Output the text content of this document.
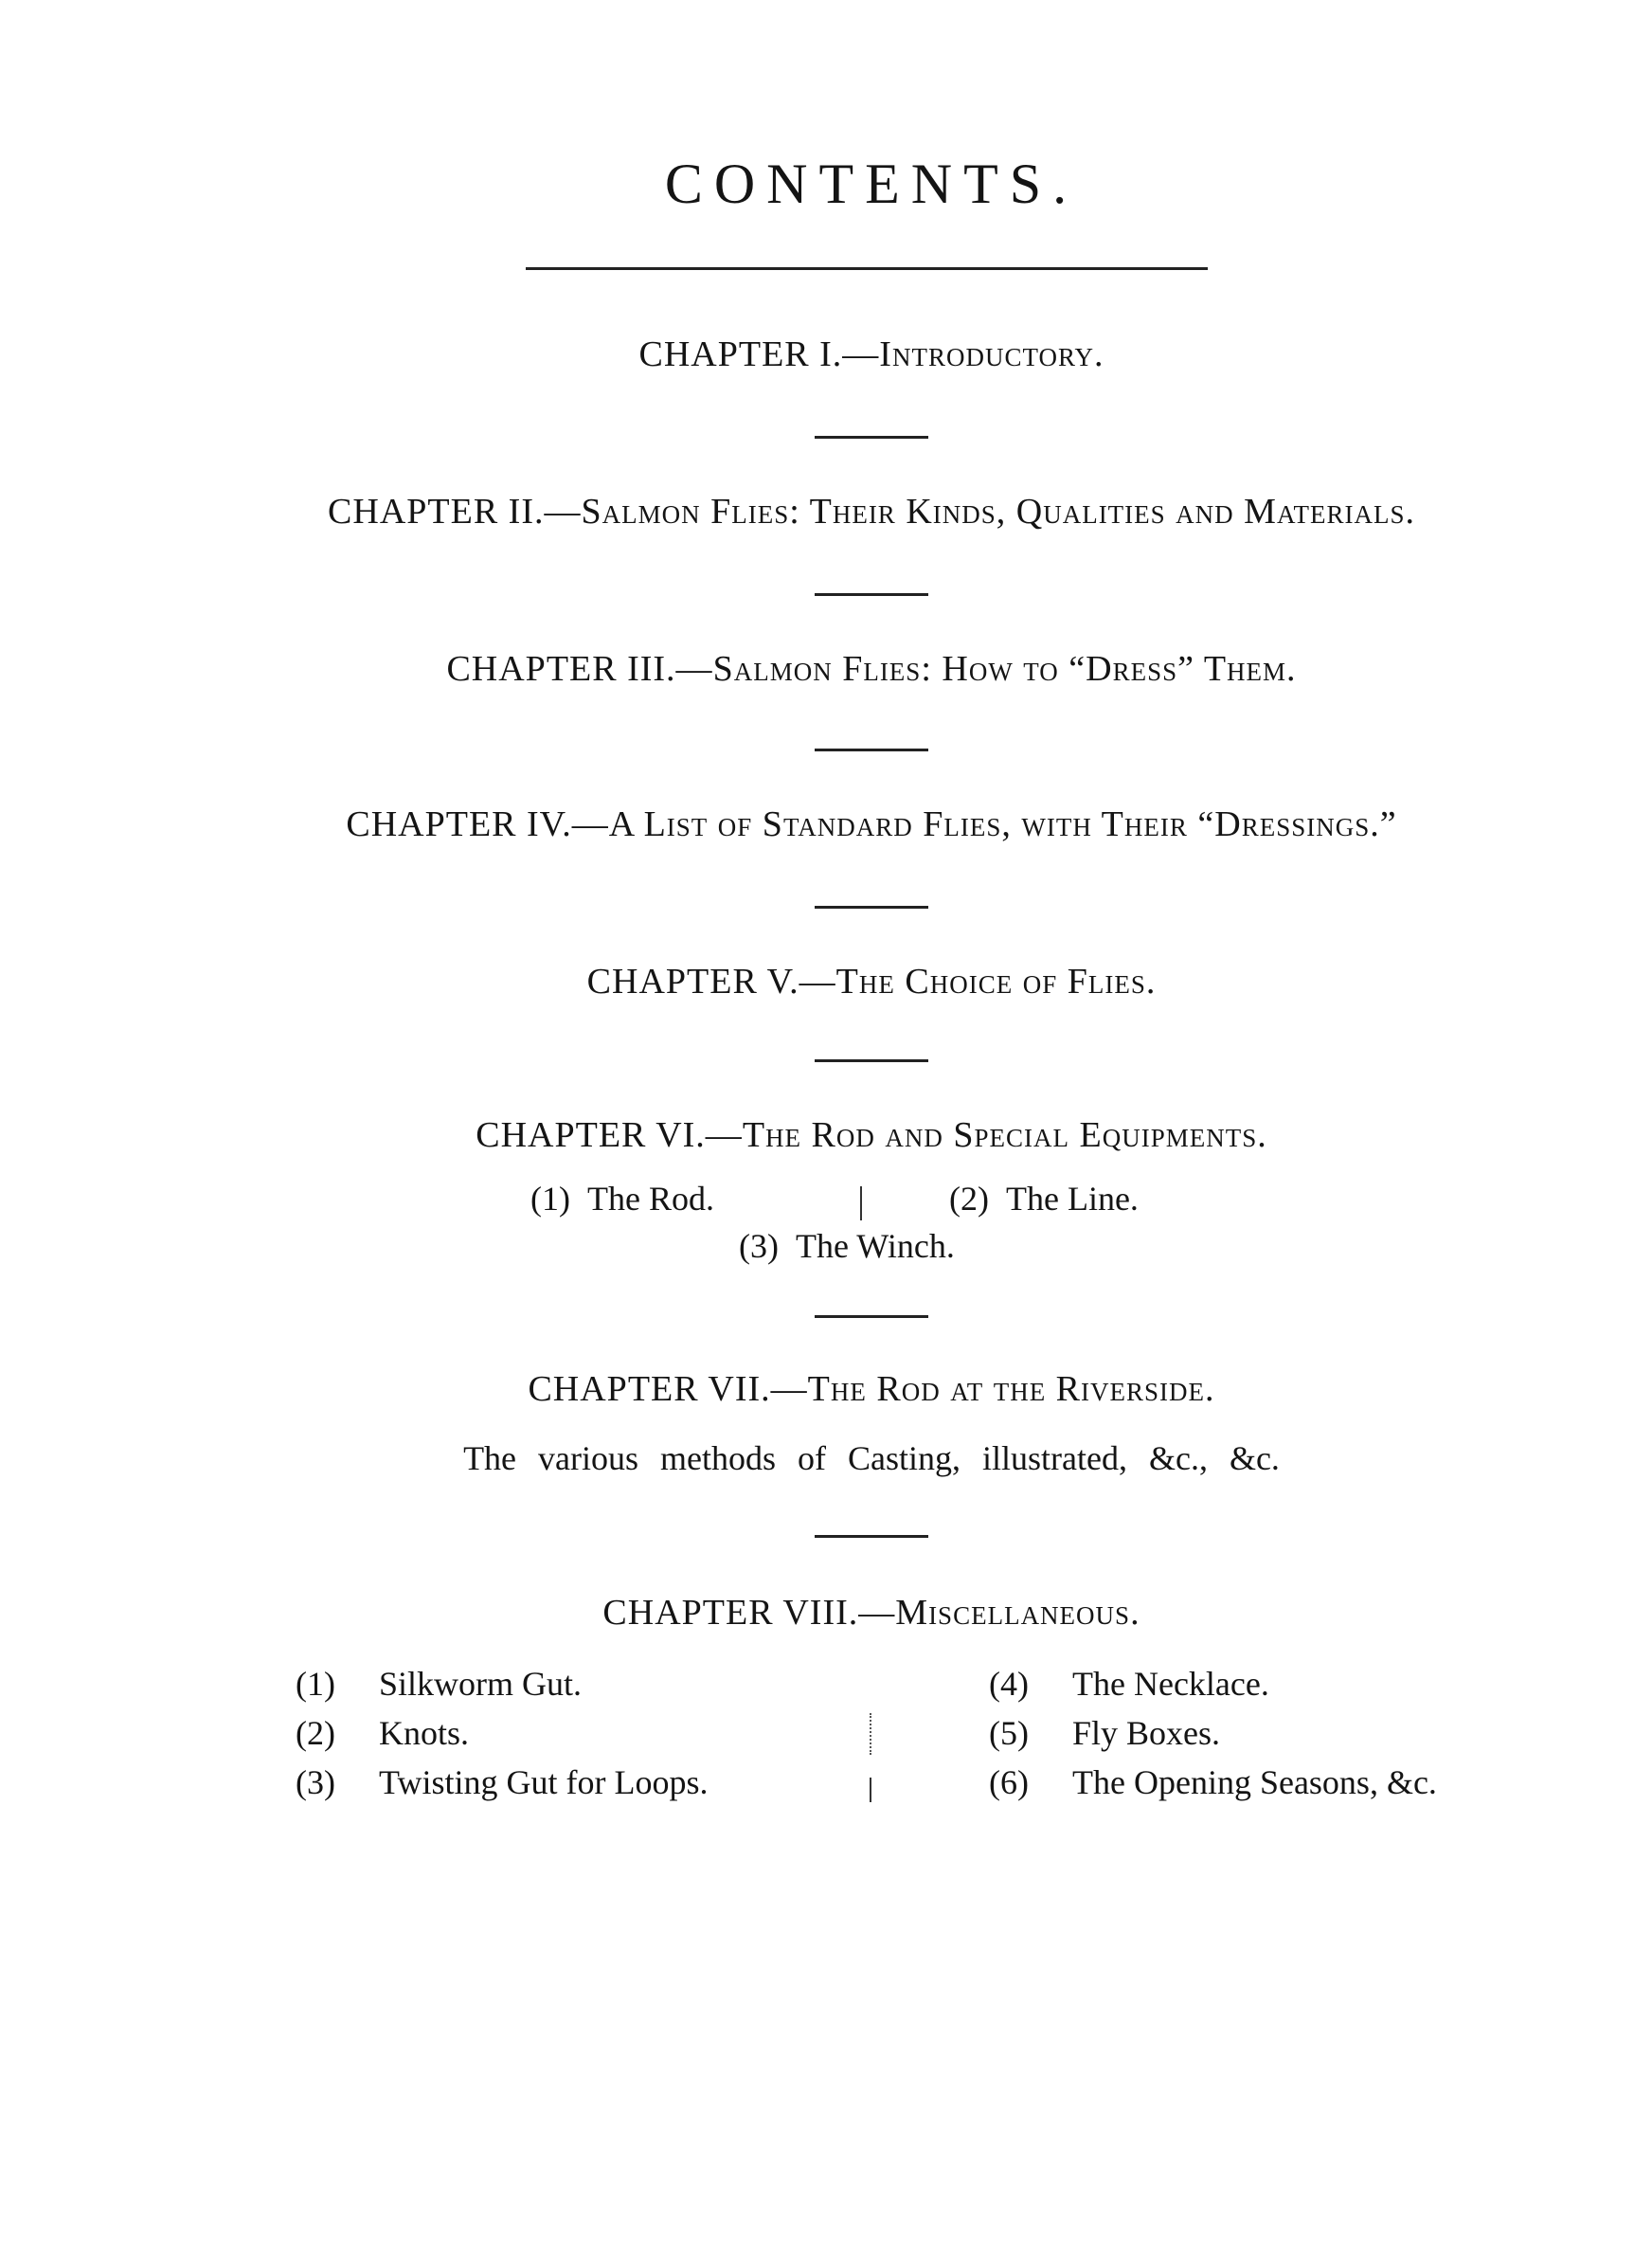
CONTENTS.
CHAPTER I.—Introductory.
CHAPTER II.—Salmon Flies: Their Kinds, Qualities and Materials.
CHAPTER III.—Salmon Flies: How to “Dress” Them.
CHAPTER IV.—A List of Standard Flies, with Their “Dressings.”
CHAPTER V.—The Choice of Flies.
CHAPTER VI.—The Rod and Special Equipments.
(1) The Rod.	(2) The Line.
(3) The Winch.
CHAPTER VII.—The Rod at the Riverside.
The various methods of Casting, illustrated, &c., &c.
CHAPTER VIII.—Miscellaneous.
(1) Silkworm Gut.
(2) Knots.
(3) Twisting Gut for Loops.
(4) The Necklace.
(5) Fly Boxes.
(6) The Opening Seasons, &c.
